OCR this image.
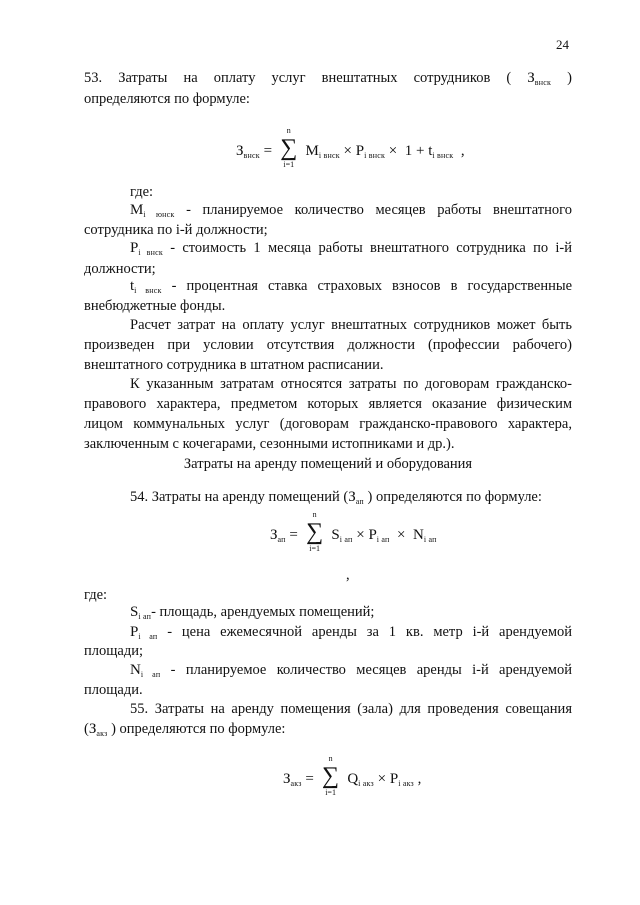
24
53. Затраты на оплату услуг внештатных сотрудников ( $З_{внск}$ )
определяются по формуле:
$З_{внск}$ =
n
∑
i=1
$M_{i внск} \times P_{i внск} \times 1 + t_{i внск}$ ,
где:
$M_{i юнск}$ - планируемое количество месяцев работы внештатного
сотрудника по i-й должности;
$P_{i внск}$ - стоимость 1 месяца работы внештатного сотрудника по i-й
должности;
$t_{i внск}$ - процентная ставка страховых взносов в государственные
внебюджетные фонды.
Расчет затрат на оплату услуг внештатных сотрудников может быть
произведен при условии отсутствия должности (профессии рабочего)
внештатного сотрудника в штатном расписании.
К указанным затратам относятся затраты по договорам гражданско-
правового характера, предметом которых является оказание физическим
лицом коммунальных услуг (договорам гражданско-правового характера,
заключенным с кочегарами, сезонными истопниками и др.).
Затраты на аренду помещений и оборудования
54. Затраты на аренду помещений ($З_{ап}$ ) определяются по формуле:
$З_{ап}$ =
n
∑
i=1
$S_{i ап} \times P_{i ап} \times N_{i ап}$
,
где:
$S_{i ап}-$ площадь, арендуемых помещений;
$P_{i ап}$ - цена ежемесячной аренды за 1 кв. метр i-й арендуемой
площади;
$N_{i ап}$ - планируемое количество месяцев аренды i-й арендуемой
площади.
55. Затраты на аренду помещения (зала) для проведения совещания
($З_{акз}$ ) определяются по формуле:
$З_{акз}$ =
n
∑
i=1
$Q_{i акз} \times P_{i акз}$ ,
